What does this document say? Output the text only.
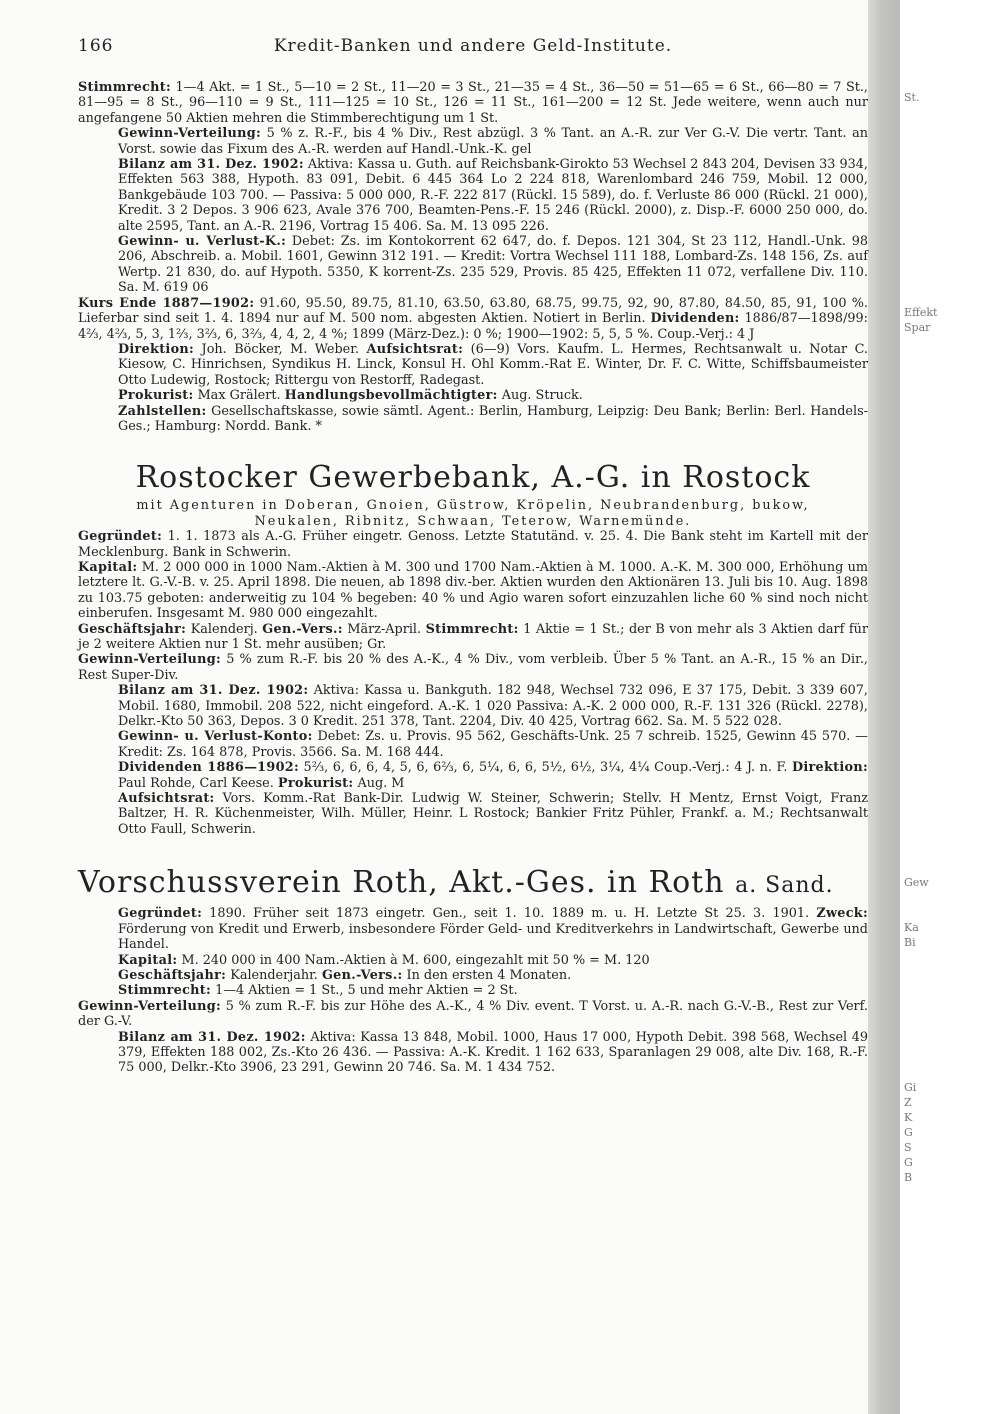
166	Kredit-Banken und andere Geld-Institute.

Stimmrecht: 1—4 Akt. = 1 St., 5—10 = 2 St., 11—20 = 3 St., 21—35 = 4 St., 36—50 = 51—65 = 6 St., 66—80 = 7 St., 81—95 = 8 St., 96—110 = 9 St., 111—125 = 10 St., 126 = 11 St., 161—200 = 12 St. Jede weitere, wenn auch nur angefangene 50 Aktien mehren die Stimmberechtigung um 1 St.

Gewinn-Verteilung: 5 % z. R.-F., bis 4 % Div., Rest abzügl. 3 % Tant. an A.-R. zur Ver G.-V. Die vertr. Tant. an Vorst. sowie das Fixum des A.-R. werden auf Handl.-Unk.-K. gel

Bilanz am 31. Dez. 1902: Aktiva: Kassa u. Guth. auf Reichsbank-Girokto 53 Wechsel 2 843 204, Devisen 33 934, Effekten 563 388, Hypoth. 83 091, Debit. 6 445 364 Lo 2 224 818, Warenlombard 246 759, Mobil. 12 000, Bankgebäude 103 700. — Passiva: 5 000 000, R.-F. 222 817 (Rückl. 15 589), do. f. Verluste 86 000 (Rückl. 21 000), Kredit. 3 2 Depos. 3 906 623, Avale 376 700, Beamten-Pens.-F. 15 246 (Rückl. 2000), z. Disp.-F. 6000 250 000, do. alte 2595, Tant. an A.-R. 2196, Vortrag 15 406. Sa. M. 13 095 226.

Gewinn- u. Verlust-K.: Debet: Zs. im Kontokorrent 62 647, do. f. Depos. 121 304, St 23 112, Handl.-Unk. 98 206, Abschreib. a. Mobil. 1601, Gewinn 312 191. — Kredit: Vortra Wechsel 111 188, Lombard-Zs. 148 156, Zs. auf Wertp. 21 830, do. auf Hypoth. 5350, K korrent-Zs. 235 529, Provis. 85 425, Effekten 11 072, verfallene Div. 110. Sa. M. 619 06

Kurs Ende 1887—1902: 91.60, 95.50, 89.75, 81.10, 63.50, 63.80, 68.75, 99.75, 92, 90, 87.80, 84.50, 85, 91, 100 %. Lieferbar sind seit 1. 4. 1894 nur auf M. 500 nom. abgesten Aktien. Notiert in Berlin. Dividenden: 1886/87—1898/99: 4⅔, 4⅔, 5, 3, 1⅔, 3⅔, 6, 3⅔, 4, 4, 2, 4 %; 1899 (März-Dez.): 0 %; 1900—1902: 5, 5, 5 %. Coup.-Verj.: 4 J

Direktion: Joh. Böcker, M. Weber. Aufsichtsrat: (6—9) Vors. Kaufm. L. Hermes, Rechtsanwalt u. Notar C. Kiesow, C. Hinrichsen, Syndikus H. Linck, Konsul H. Ohl Komm.-Rat E. Winter, Dr. F. C. Witte, Schiffsbaumeister Otto Ludewig, Rostock; Rittergu von Restorff, Radegast.

Prokurist: Max Grälert. Handlungsbevollmächtigter: Aug. Struck.

Zahlstellen: Gesellschaftskasse, sowie sämtl. Agent.: Berlin, Hamburg, Leipzig: Deu Bank; Berlin: Berl. Handels-Ges.; Hamburg: Nordd. Bank. *

Rostocker Gewerbebank, A.-G. in Rostock

mit Agenturen in Doberan, Gnoien, Güstrow, Kröpelin, Neubrandenburg, bukow, Neukalen, Ribnitz, Schwaan, Teterow, Warnemünde.

Gegründet: 1. 1. 1873 als A.-G. Früher eingetr. Genoss. Letzte Statutänd. v. 25. 4. Die Bank steht im Kartell mit der Mecklenburg. Bank in Schwerin.

Kapital: M. 2 000 000 in 1000 Nam.-Aktien à M. 300 und 1700 Nam.-Aktien à M. 1000. A.-K. M. 300 000, Erhöhung um letztere lt. G.-V.-B. v. 25. April 1898. Die neuen, ab 1898 div.-ber. Aktien wurden den Aktionären 13. Juli bis 10. Aug. 1898 zu 103.75 geboten: anderweitig zu 104 % begeben: 40 % und Agio waren sofort einzuzahlen liche 60 % sind noch nicht einberufen. Insgesamt M. 980 000 eingezahlt.

Geschäftsjahr: Kalenderj. Gen.-Vers.: März-April. Stimmrecht: 1 Aktie = 1 St.; der B von mehr als 3 Aktien darf für je 2 weitere Aktien nur 1 St. mehr ausüben; Gr.

Gewinn-Verteilung: 5 % zum R.-F. bis 20 % des A.-K., 4 % Div., vom verbleib. Über 5 % Tant. an A.-R., 15 % an Dir., Rest Super-Div.

Bilanz am 31. Dez. 1902: Aktiva: Kassa u. Bankguth. 182 948, Wechsel 732 096, E 37 175, Debit. 3 339 607, Mobil. 1680, Immobil. 208 522, nicht eingeford. A.-K. 1 020 Passiva: A.-K. 2 000 000, R.-F. 131 326 (Rückl. 2278), Delkr.-Kto 50 363, Depos. 3 0 Kredit. 251 378, Tant. 2204, Div. 40 425, Vortrag 662. Sa. M. 5 522 028.

Gewinn- u. Verlust-Konto: Debet: Zs. u. Provis. 95 562, Geschäfts-Unk. 25 7 schreib. 1525, Gewinn 45 570. — Kredit: Zs. 164 878, Provis. 3566. Sa. M. 168 444.

Dividenden 1886—1902: 5⅔, 6, 6, 6, 4, 5, 6, 6⅔, 6, 5¼, 6, 6, 5½, 6½, 3¼, 4¼ Coup.-Verj.: 4 J. n. F. Direktion: Paul Rohde, Carl Keese. Prokurist: Aug. M

Aufsichtsrat: Vors. Komm.-Rat Bank-Dir. Ludwig W. Steiner, Schwerin; Stellv. H Mentz, Ernst Voigt, Franz Baltzer, H. R. Küchenmeister, Wilh. Müller, Heinr. L Rostock; Bankier Fritz Pühler, Frankf. a. M.; Rechtsanwalt Otto Faull, Schwerin.

Vorschussverein Roth, Akt.-Ges. in Roth a. Sand.

Gegründet: 1890. Früher seit 1873 eingetr. Gen., seit 1. 10. 1889 m. u. H. Letzte St 25. 3. 1901. Zweck: Förderung von Kredit und Erwerb, insbesondere Förder Geld- und Kreditverkehrs in Landwirtschaft, Gewerbe und Handel.

Kapital: M. 240 000 in 400 Nam.-Aktien à M. 600, eingezahlt mit 50 % = M. 120

Geschäftsjahr: Kalenderjahr. Gen.-Vers.: In den ersten 4 Monaten.

Stimmrecht: 1—4 Aktien = 1 St., 5 und mehr Aktien = 2 St.

Gewinn-Verteilung: 5 % zum R.-F. bis zur Höhe des A.-K., 4 % Div. event. T Vorst. u. A.-R. nach G.-V.-B., Rest zur Verf. der G.-V.

Bilanz am 31. Dez. 1902: Aktiva: Kassa 13 848, Mobil. 1000, Haus 17 000, Hypoth Debit. 398 568, Wechsel 49 379, Effekten 188 002, Zs.-Kto 26 436. — Passiva: A.-K. Kredit. 1 162 633, Sparanlagen 29 008, alte Div. 168, R.-F. 75 000, Delkr.-Kto 3906, 23 291, Gewinn 20 746. Sa. M. 1 434 752.

St.
Effekt
Spar
Gew
Ka
Bi
Gi
Z
K
G
S
G
B
